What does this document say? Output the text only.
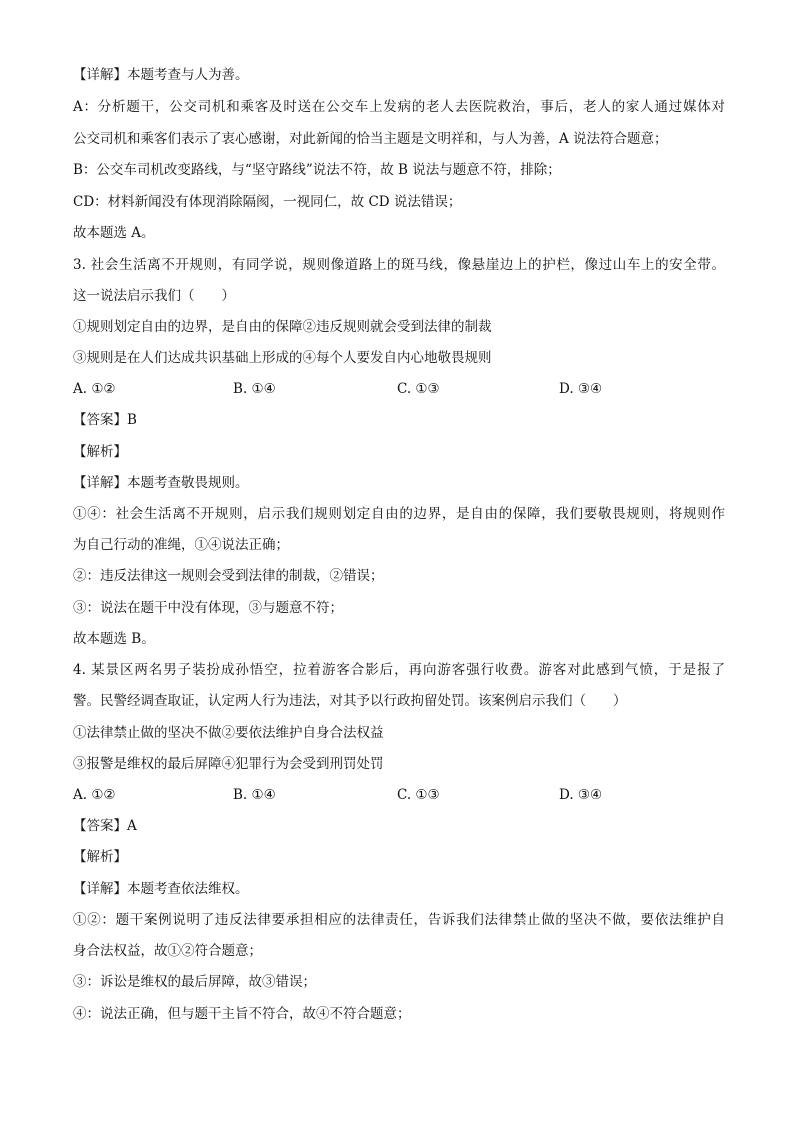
【详解】本题考查与人为善。

A：分析题干，公交司机和乘客及时送在公交车上发病的老人去医院救治，事后，老人的家人通过媒体对

公交司机和乘客们表示了衷心感谢，对此新闻的恰当主题是文明祥和，与人为善，A 说法符合题意；

B：公交车司机改变路线，与“坚守路线”说法不符，故 B 说法与题意不符，排除；

CD：材料新闻没有体现消除隔阂，一视同仁，故 CD 说法错误；

故本题选 A。

3. 社会生活离不开规则，有同学说，规则像道路上的斑马线，像悬崖边上的护栏，像过山车上的安全带。

这一说法启示我们（　　）

①规则划定自由的边界，是自由的保障②违反规则就会受到法律的制裁

③规则是在人们达成共识基础上形成的④每个人要发自内心地敬畏规则

A. ①②	B. ①④	C. ①③	D. ③④

【答案】B

【解析】

【详解】本题考查敬畏规则。

①④：社会生活离不开规则，启示我们规则划定自由的边界，是自由的保障，我们要敬畏规则，将规则作

为自己行动的准绳，①④说法正确；

②：违反法律这一规则会受到法律的制裁，②错误；

③：说法在题干中没有体现，③与题意不符；

故本题选 B。

4. 某景区两名男子装扮成孙悟空，拉着游客合影后，再向游客强行收费。游客对此感到气愤，于是报了

警。民警经调查取证，认定两人行为违法，对其予以行政拘留处罚。该案例启示我们（　　）

①法律禁止做的坚决不做②要依法维护自身合法权益

③报警是维权的最后屏障④犯罪行为会受到刑罚处罚

A. ①②	B. ①④	C. ①③	D. ③④

【答案】A

【解析】

【详解】本题考查依法维权。

①②：题干案例说明了违反法律要承担相应的法律责任，告诉我们法律禁止做的坚决不做，要依法维护自

身合法权益，故①②符合题意；

③：诉讼是维权的最后屏障，故③错误；

④：说法正确，但与题干主旨不符合，故④不符合题意；
